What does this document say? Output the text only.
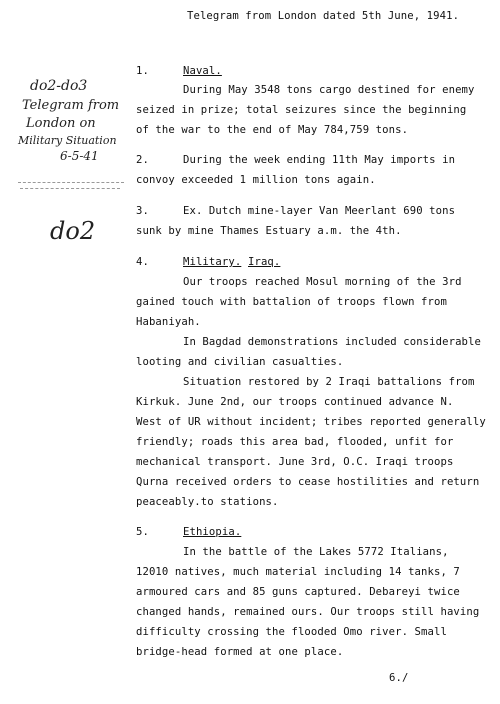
Telegram from London dated 5th June, 1941.
do2-do3
Telegram from
London on
Military Situation
6-5-41
do2
1.	Naval.
During May 3548 tons cargo destined for enemy
seized in prize; total seizures since the beginning
of the war to the end of May 784,759 tons.
2.	During the week ending 11th May imports in
convoy exceeded 1 million tons again.
3.	Ex. Dutch mine-layer Van Meerlant 690 tons
sunk by mine Thames Estuary a.m. the 4th.
4.	Military. Iraq.
Our troops reached Mosul morning of the 3rd
gained touch with battalion of troops flown from
Habaniyah.
In Bagdad demonstrations included considerable
looting and civilian casualties.
Situation restored by 2 Iraqi battalions from
Kirkuk. June 2nd, our troops continued advance N.
West of UR without incident; tribes reported generally
friendly; roads this area bad, flooded, unfit for
mechanical transport. June 3rd, O.C. Iraqi troops
Qurna received orders to cease hostilities and return
peaceably.to stations.
5.	Ethiopia.
In the battle of the Lakes 5772 Italians,
12010 natives, much material including 14 tanks, 7
armoured cars and 85 guns captured. Debareyi twice
changed hands, remained ours. Our troops still having
difficulty crossing the flooded Omo river. Small
bridge-head formed at one place.
6./
